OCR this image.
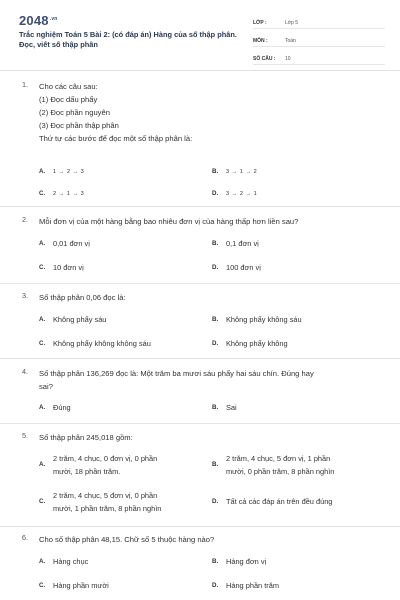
$2048^{.vn}$
Trắc nghiệm Toán 5 Bài 2: (có đáp án) Hàng của số thập phân. Đọc, viết số thập phân
LỚP :	Lớp 5
MÔN :	Toán
SỐ CÂU :	10
1. Cho các câu sau:
(1) Đọc dấu phẩy
(2) Đọc phần nguyên
(3) Đọc phần thập phân
Thứ tự các bước để đọc một số thập phân là:
A.	1 → 2 → 3	B.	3 → 1 → 2
C.	2 → 1 → 3	D.	3 → 2 → 1
2. Mỗi đơn vị của một hàng bằng bao nhiêu đơn vị của hàng thấp hơn liền sau?
A.	0,01 đơn vị	B.	0,1 đơn vị
C.	10 đơn vị	D.	100 đơn vị
3. Số thập phân 0,06 đọc là:
A.	Không phẩy sáu	B.	Không phẩy không sáu
C.	Không phẩy không không sáu	D.	Không phẩy không
4. Số thập phân 136,269 đọc là: Một trăm ba mươi sáu phẩy hai sáu chín. Đúng hay
sai?
A.	Đúng	B.	Sai
5. Số thập phân 245,018 gồm:
A.
2 trăm, 4 chục, 0 đơn vị, 0 phần
mười, 18 phần trăm.
B.
2 trăm, 4 chục, 5 đơn vị, 1 phần
mười, 0 phần trăm, 8 phần nghìn
C.
2 trăm, 4 chục, 5 đơn vị, 0 phần
mười, 1 phần trăm, 8 phần nghìn
D.	Tất cả các đáp án trên đều đúng
6. Cho số thập phân 48,15. Chữ số 5 thuộc hàng nào?
A.	Hàng chục	B.	Hàng đơn vị
C.	Hàng phần mười	D.	Hàng phần trăm
